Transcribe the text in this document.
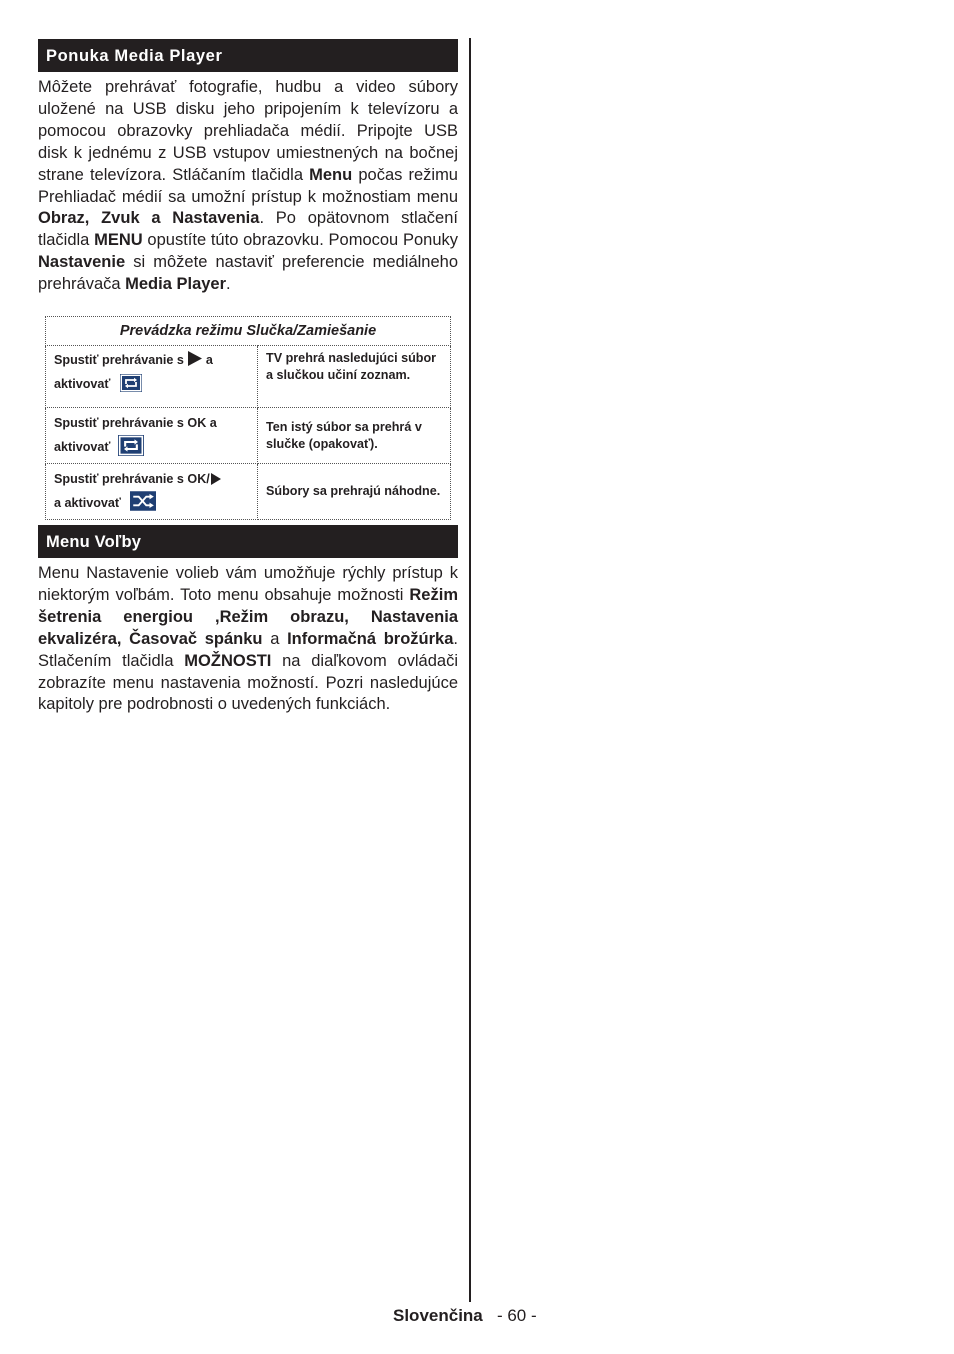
Ponuka Media Player

Môžete prehrávať fotografie, hudbu a video súbory uložené na USB disku jeho pripojením k televízoru a pomocou obrazovky prehliadača médií. Pripojte USB disk k jednému z USB vstupov umiestnených na bočnej strane televízora. Stláčaním tlačidla Menu počas režimu Prehliadač médií sa umožní prístup k možnostiam menu Obraz, Zvuk a Nastavenia. Po opätovnom stlačení tlačidla MENU opustíte túto obrazovku. Pomocou Ponuky Nastavenie si môžete nastaviť preferencie mediálneho prehrávača Media Player.

Prevádzka režimu Slučka/Zamiešanie	
Spustiť prehrávanie s a
aktivovať	TV prehrá nasledujúci súbor a slučkou učiní zoznam.
Spustiť prehrávanie s OK a
aktivovať	Ten istý súbor sa prehrá v slučke (opakovať).
Spustiť prehrávanie s OK/
a aktivovať	Súbory sa prehrajú náhodne.
Menu Voľby

Menu Nastavenie volieb vám umožňuje rýchly prístup k niektorým voľbám. Toto menu obsahuje možnosti Režim šetrenia energiou ,Režim obrazu, Nastavenia ekvalizéra, Časovač spánku a Informačná brožúrka. Stlačením tlačidla MOŽNOSTI na diaľkovom ovládači zobrazíte menu nastavenia možností. Pozri nasledujúce kapitoly pre podrobnosti o uvedených funkciách.

Slovenčina - 60 -
